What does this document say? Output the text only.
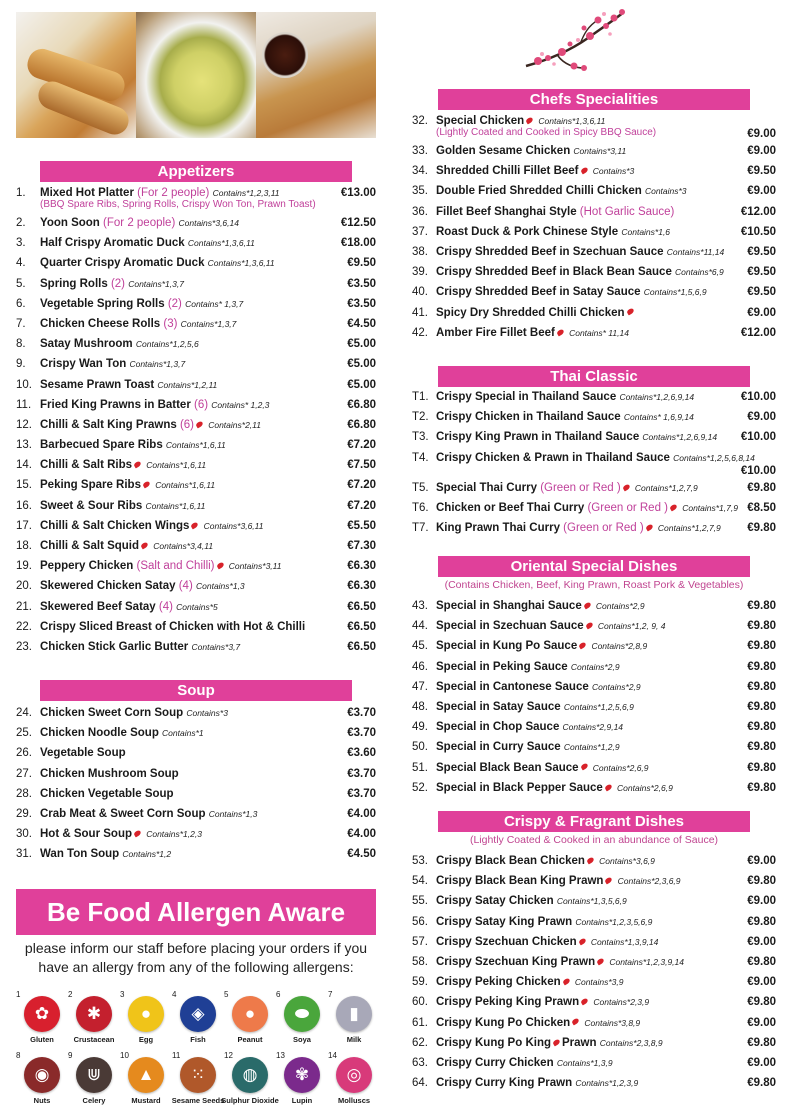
Appetizers
1.	Mixed Hot Platter (For 2 people) Contains*1,2,3,11
(BBQ Spare Ribs, Spring Rolls, Crispy Won Ton, Prawn Toast)
€13.00
2.	Yoon Soon (For 2 people) Contains*3,6,14	€12.50
3.	Half Crispy Aromatic Duck Contains*1,3,6,11	€18.00
4.	Quarter Crispy Aromatic Duck Contains*1,3,6,11	€9.50
5.	Spring Rolls (2) Contains*1,3,7	€3.50
6.	Vegetable Spring Rolls (2) Contains* 1,3,7	€3.50
7.	Chicken Cheese Rolls (3) Contains*1,3,7	€4.50
8.	Satay Mushroom Contains*1,2,5,6	€5.00
9.	Crispy Wan Ton Contains*1,3,7	€5.00
10. Sesame Prawn Toast Contains*1,2,11	€5.00
11. Fried King Prawns in Batter (6) Contains* 1,2,3	€6.80
12. Chilli & Salt King Prawns (6) Contains*2,11	€6.80
13. Barbecued Spare Ribs Contains*1,6,11	€7.20
14. Chilli & Salt Ribs Contains*1,6,11	€7.50
15. Peking Spare Ribs Contains*1,6,11	€7.20
16. Sweet & Sour Ribs Contains*1,6,11	€7.20
17. Chilli & Salt Chicken Wings Contains*3,6,11	€5.50
18. Chilli & Salt Squid Contains*3,4,11	€7.30
19. Peppery Chicken (Salt and Chilli) Contains*3,11	€6.30
20. Skewered Chicken Satay (4) Contains*1,3	€6.30
21. Skewered Beef Satay (4) Contains*5	€6.50
22. Crispy Sliced Breast of Chicken with Hot & Chilli	€6.50
23. Chicken Stick Garlic Butter Contains*3,7	€6.50
Soup
24. Chicken Sweet Corn Soup Contains*3	€3.70
25. Chicken Noodle Soup Contains*1	€3.70
26. Vegetable Soup	€3.60
27. Chicken Mushroom Soup	€3.70
28. Chicken Vegetable Soup	€3.70
29. Crab Meat & Sweet Corn Soup Contains*1,3	€4.00
30. Hot & Sour Soup Contains*1,2,3	€4.00
31. Wan Ton Soup Contains*1,2	€4.50
Be Food Allergen Aware
please inform our staff before placing your orders if you
have an allergy from any of the following allergens:
1
✿
Gluten
2
✱
Crustacean
3
●
Egg
4
◈
Fish
5
●
Peanut
6
⬬
Soya
7
▮
Milk
8
◉
Nuts
9
⋓
Celery
10
▲
Mustard
11
⁙
Sesame Seeds
12
◍
Sulphur Dioxide
13
✾
Lupin
14
◎
Molluscs
Chefs Specialities
32. Special Chicken Contains*1,3,6,11
(Lightly Coated and Cooked in Spicy BBQ Sauce)	€9.00
33. Golden Sesame Chicken Contains*3,11	€9.00
34. Shredded Chilli Fillet Beef Contains*3	€9.50
35. Double Fried Shredded Chilli Chicken Contains*3	€9.00
36. Fillet Beef Shanghai Style (Hot Garlic Sauce)	€12.00
37. Roast Duck & Pork Chinese Style Contains*1,6	€10.50
38. Crispy Shredded Beef in Szechuan Sauce Contains*11,14 €9.50
39. Crispy Shredded Beef in Black Bean Sauce Contains*6,9 €9.50
40. Crispy Shredded Beef in Satay Sauce Contains*1,5,6,9	€9.50
41. Spicy Dry Shredded Chilli Chicken	€9.00
42. Amber Fire Fillet Beef Contains* 11,14	€12.00
Thai Classic
T1. Crispy Special in Thailand Sauce Contains*1,2,6,9,14	€10.00
T2. Crispy Chicken in Thailand Sauce Contains* 1,6,9,14	€9.00
T3. Crispy King Prawn in Thailand Sauce Contains*1,2,6,9,14 €10.00
T4. Crispy Chicken & Prawn in Thailand Sauce Contains*1,2,5,6,8,14
€10.00
T5. Special Thai Curry (Green or Red ) Contains*1,2,7,9	€9.80
T6. Chicken or Beef Thai Curry (Green or Red ) Contains*1,7,9 €8.50
T7. King Prawn Thai Curry (Green or Red ) Contains*1,2,7,9 €9.80
Oriental Special Dishes
(Contains Chicken, Beef, King Prawn, Roast Pork & Vegetables)
43. Special in Shanghai Sauce Contains*2,9	€9.80
44. Special in Szechuan Sauce Contains*1,2, 9, 4	€9.80
45. Special in Kung Po Sauce Contains*2,8,9	€9.80
46. Special in Peking Sauce Contains*2,9	€9.80
47. Special in Cantonese Sauce Contains*2,9	€9.80
48. Special in Satay Sauce Contains*1,2,5,6,9	€9.80
49. Special in Chop Sauce Contains*2,9,14	€9.80
50. Special in Curry Sauce Contains*1,2,9	€9.80
51. Special Black Bean Sauce Contains*2,6,9	€9.80
52. Special in Black Pepper Sauce Contains*2,6,9	€9.80
Crispy & Fragrant Dishes
(Lightly Coated & Cooked in an abundance of Sauce)
53. Crispy Black Bean Chicken Contains*3,6,9	€9.00
54. Crispy Black Bean King Prawn Contains*2,3,6,9	€9.80
55. Crispy Satay Chicken Contains*1,3,5,6,9	€9.00
56. Crispy Satay King Prawn Contains*1,2,3,5,6,9	€9.80
57. Crispy Szechuan Chicken Contains*1,3,9,14	€9.00
58. Crispy Szechuan King Prawn Contains*1,2,3,9,14	€9.80
59. Crispy Peking Chicken Contains*3,9	€9.00
60. Crispy Peking King Prawn Contains*2,3,9	€9.80
61. Crispy Kung Po Chicken Contains*3,8,9	€9.00
62. Crispy Kung Po King Prawn Contains*2,3,8,9	€9.80
63. Crispy Curry Chicken Contains*1,3,9	€9.00
64. Crispy Curry King Prawn Contains*1,2,3,9	€9.80
